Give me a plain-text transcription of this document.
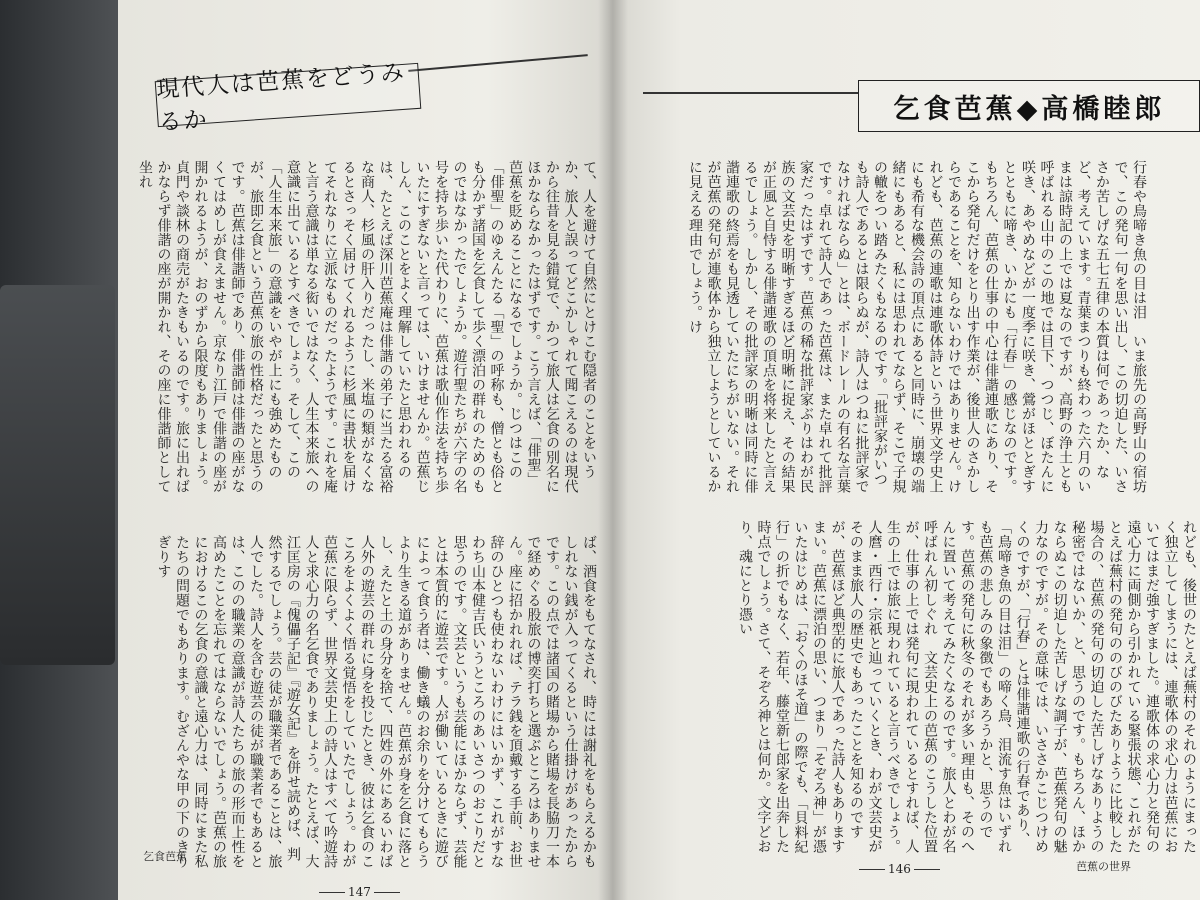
現代人は芭蕉をどうみるか
て、人を避けて自然にとけこむ隠者のことをいうか、旅人と誤ってどこかしゃれて聞こえるのは現代から往昔を見る錯覚で、かつて旅人は乞食の別名にほかならなかったはずです。こう言えば、「俳聖」芭蕉を貶めることになるでしょうか。じつはこの「俳聖」のゆえんたる「聖」の呼称も、僧とも俗とも分かず諸国を乞食して歩く漂泊の群れのためのものではなかったでしょうか。遊行聖たちが六字の名号を持ち歩いた代わりに、芭蕉は歌仙作法を持ち歩いたにすぎないと言っては、いけませんか。芭蕉じしん、このことをよく理解していたと思われるのは、たとえば深川芭蕉庵は俳諧の弟子に当たる富裕な商人、杉風の肝入りだったし、米塩の類がなくなるとさっそく届けてくれるように杉風に書状を届けてそれなりに立派なものだったようです。これを庵と言う意識は単なる衒いではなく、人生本来旅への意識に出ているとすべきでしょう。そして、この「人生本来旅」の意識をいやが上にも強めたものが、旅即乞食という芭蕉の旅の性格だったと思うのです。芭蕉は俳諧師であり、俳諧師は俳諧の座がなくてはめしが食えません。京なり江戸で俳諧の座が開かれるようが、おのずから限度もありましょう。貞門や談林の商売がたきもいるのです。旅に出ればかならず俳諧の座が開かれ、その座に俳諧師として坐れ
ば、酒食をもてなされ、時には謝礼をもらえるかもしれない銭が入ってくるという仕掛けがあったからです。この点では諸国の賭場から賭場を長脇刀一本で経めぐる股旅の博奕打ちと選ぶところはありません。座に招かれれば、テラ銭を頂戴する手前、お世辞のひとつも使わないわけにはいかず、これがすなわち山本健吉氏いうところのあいさつのおこりだと思うのです。文芸というも芸能にほかならず、芸能とは本質的に遊芸です。人が働いているときに遊びによって食う者は、働き蟻のお余りを分けてもらうより生きる道がありません。芭蕉が身を乞食に落とし、えたと土の身分を捨て、四姓の外にあるいわば人外の遊芸の群れに身を投じたとき、彼は乞食のこころをよくよく悟る覚悟をしていたでしょう。わが芭蕉に限らず、世界文芸史上の詩人はすべて吟遊詩人と求心力の名乞食でありましょう。たとえば、大江匡房の『傀儡子記』『遊女記』を併せ読めば、判然するでしょう。芸の徒が職業者であることは、旅人でした。詩人を含む遊芸の徒が職業者でもあるとは、このの職業の意識が詩人たちの旅の形而上性を高めたことを忘れてはならないでしょう。芭蕉の旅におけるこの乞食の意識と遠心力は、同時にまた私たちの問題でもあります。むざんやな甲の下のきりぎりす
乞食芭蕉
147
乞食芭蕉◆高橋睦郎
行春や鳥啼き魚の目は泪　いま旅先の高野山の宿坊で、この発句一句を思い出し、この切迫した、いささか苦しげな五七五律の本質は何であったか、など、考えています。青葉まつりも終わった六月のいまは諒時記の上では夏なのですが、高野の浄土とも呼ばれる山中のこの地では目下、つつじ、ぼたんに咲き、あやめなどが一度季に咲き、鶯がほととぎすとともに啼き、いかにも「行春」の感じなのです。もちろん、芭蕉の仕事の中心は俳諧連歌にあり、そこから発句だけをとり出す作業が、後世人のさかしらであることを、知らないわけではありません。けれども、芭蕉の連歌は連歌体詩という世界文学史上にも希有な機会詩の頂点にあると同時に、崩壊の端緒にもあると、私には思われてならず、そこで子規の轍をつい踏みたくもなるのです。「批評家がいつも詩人であるとは限らぬが、詩人はつねに批評家でなければならぬ」とは、ボードレールの有名な言葉です。卓れて詩人であった芭蕉は、また卓れて批評家だったはずです。芭蕉の稀な批評家ぶりはわが民族の文芸史を明晰すぎるほど明晰に捉え、その結果が正風と自恃する俳諧連歌の頂点を将来したと言えるでしょう。しかし、その批評家の明晰は同時に俳諧連歌の終焉をも見透していたにちがいない。それが芭蕉の発句が連歌体から独立しようとしているかに見える理由でしょう。け
れども、後世のたとえば蕪村のそれのようにまったく独立してしまうには、連歌体の求心力は芭蕉においてはまだ強すぎました。連歌体の求心力と発句の遠心力に両側から引かれている緊張状態、これがたとえば蕪村の発句ののびのびたありように比較した場合の、芭蕉の発句の切迫した苦しげなありようの秘密ではないか、と、思うのです。もちろん、ほかならぬこの切迫した苦しげな調子が、芭蕉発句の魅力なのですが。その意味では、いささかこじつけめくのですが、「行春」とは俳諧連歌の行春であり、「鳥啼き魚の目は泪」の啼く鳥、泪流す魚はいずれも芭蕉の悲しみの象徴でもあろうかと、思うのです。芭蕉の発句に秋冬のそれが多い理由も、そのへんに置いて考えてみたくなるのです。旅人とわが名呼ばれん初しぐれ　文芸史上の芭蕉のこうした位置が、仕事の上では発句に現われているとすれば、人生の上では旅に現われていると言うべきでしょう。人麿・西行・宗祇と辿っていくとき、わが文芸史がそのまま旅人の歴史でもあったことを知るのですが、芭蕉ほど典型的に旅人であった詩人もありますまい。芭蕉に漂泊の思い、つまり「そぞろ神」が憑いたはじめは、「おくのほそ道」の際でも、「貝料紀行」の折でもなく、若年、藤堂新七郎家を出奔した時点でしょう。さて、そぞろ神とは何か。文字どおり、魂にとり憑い
芭蕉の世界
146
